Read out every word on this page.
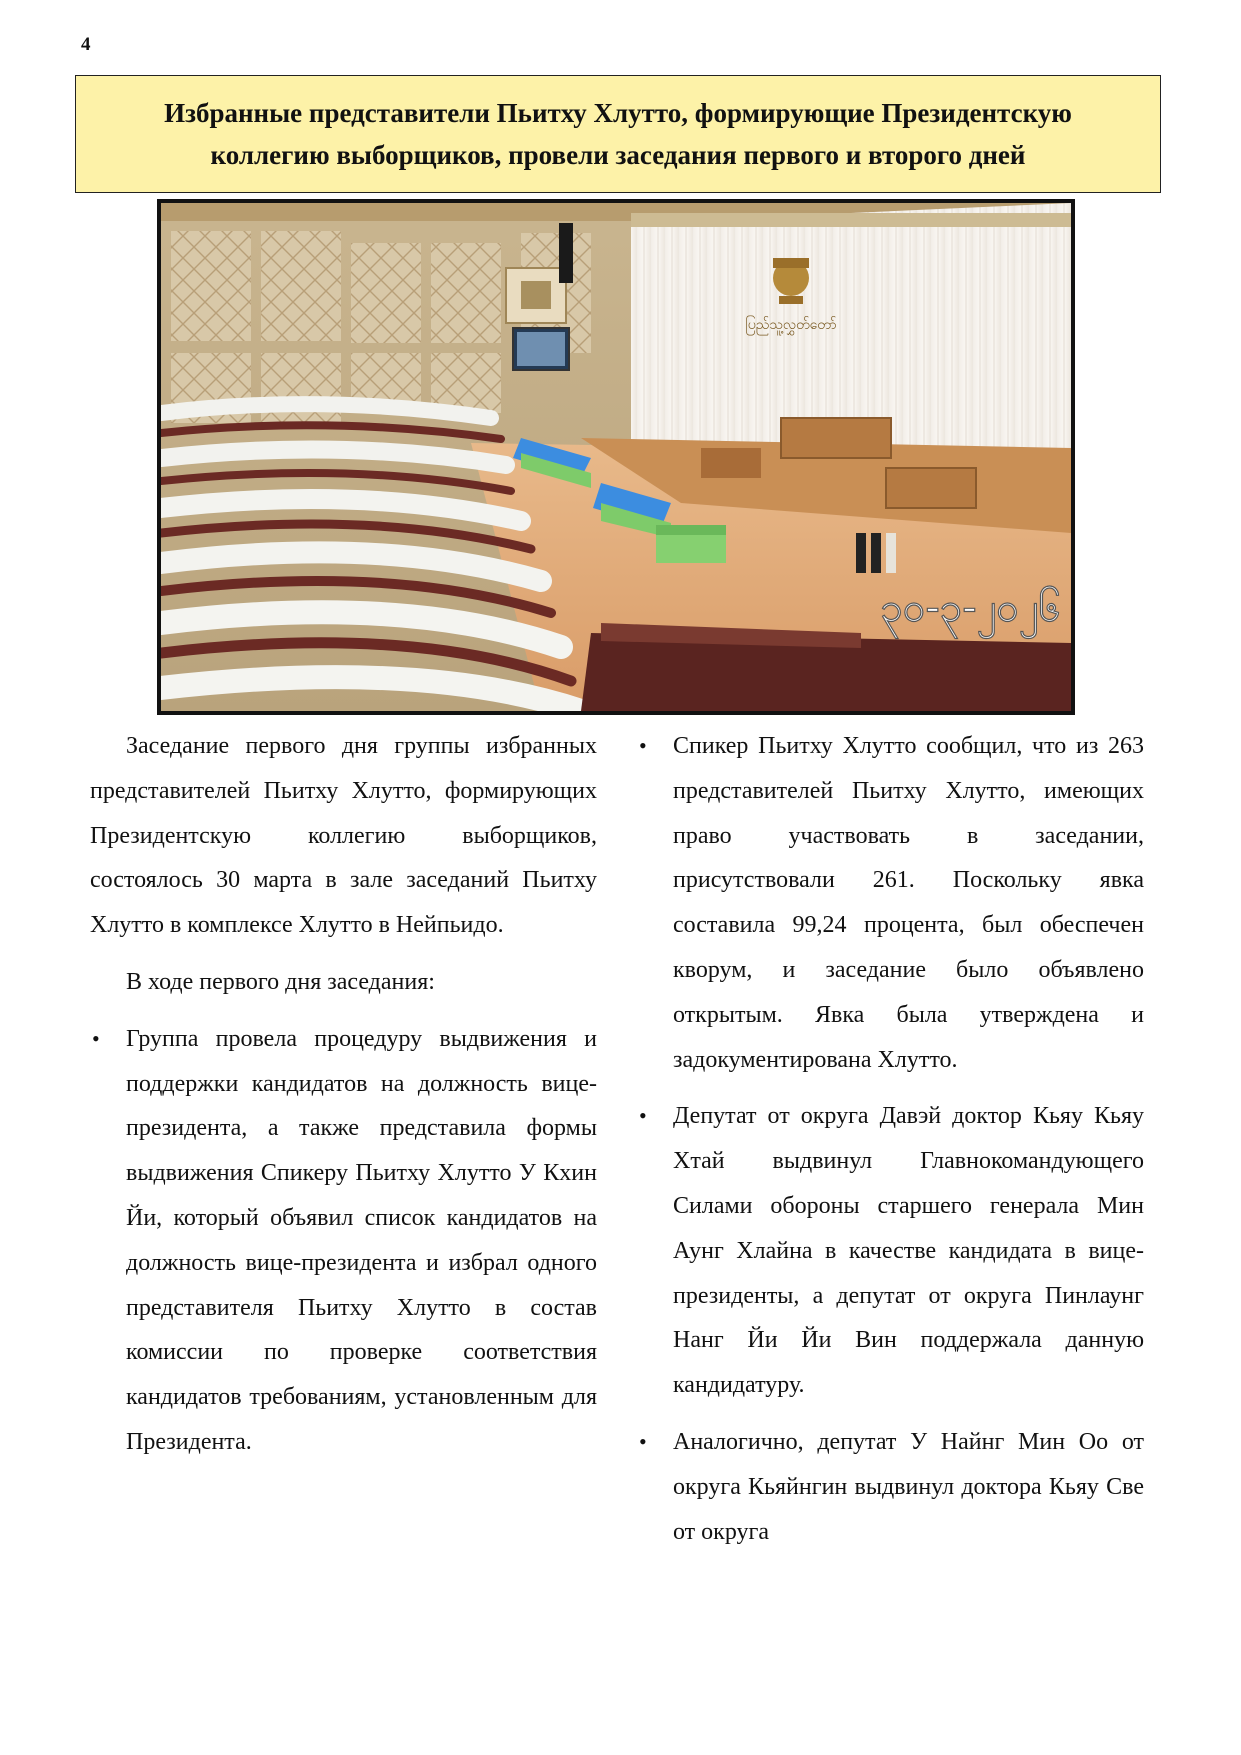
4
Избранные представители Пьитху Хлутто, формирующие Президентскую
коллегию выборщиков, провели заседания первого и второго дней
ပြည်သူ့လွှတ်တော်
၃၀-၃-၂၀၂၆

Заседание первого дня группы избранных представителей Пьитху Хлутто, формирующих Президентскую коллегию выборщиков, состоялось 30 марта в зале заседаний Пьитху Хлутто в комплексе Хлутто в Нейпьидо.

В ходе первого дня заседания:

• Группа провела процедуру выдвижения и поддержки кандидатов на должность вице-президента, а также представила формы выдвижения Спикеру Пьитху Хлутто У Кхин Йи, который объявил список кандидатов на должность вице-президента и избрал одного представителя Пьитху Хлутто в состав комиссии по проверке соответствия кандидатов требованиям, установленным для Президента.
• Спикер Пьитху Хлутто сообщил, что из 263 представителей Пьитху Хлутто, имеющих право участвовать в заседании, присутствовали 261. Поскольку явка составила 99,24 процента, был обеспечен кворум, и заседание было объявлено открытым. Явка была утверждена и задокументирована Хлутто.
• Депутат от округа Давэй доктор Кьяу Кьяу Хтай выдвинул Главнокомандующего Силами обороны старшего генерала Мин Аунг Хлайна в качестве кандидата в вице-президенты, а депутат от округа Пинлаунг Нанг Йи Йи Вин поддержала данную кандидатуру.
• Аналогично, депутат У Найнг Мин Оо от округа Кьяйнгин выдвинул доктора Кьяу Све от округа
